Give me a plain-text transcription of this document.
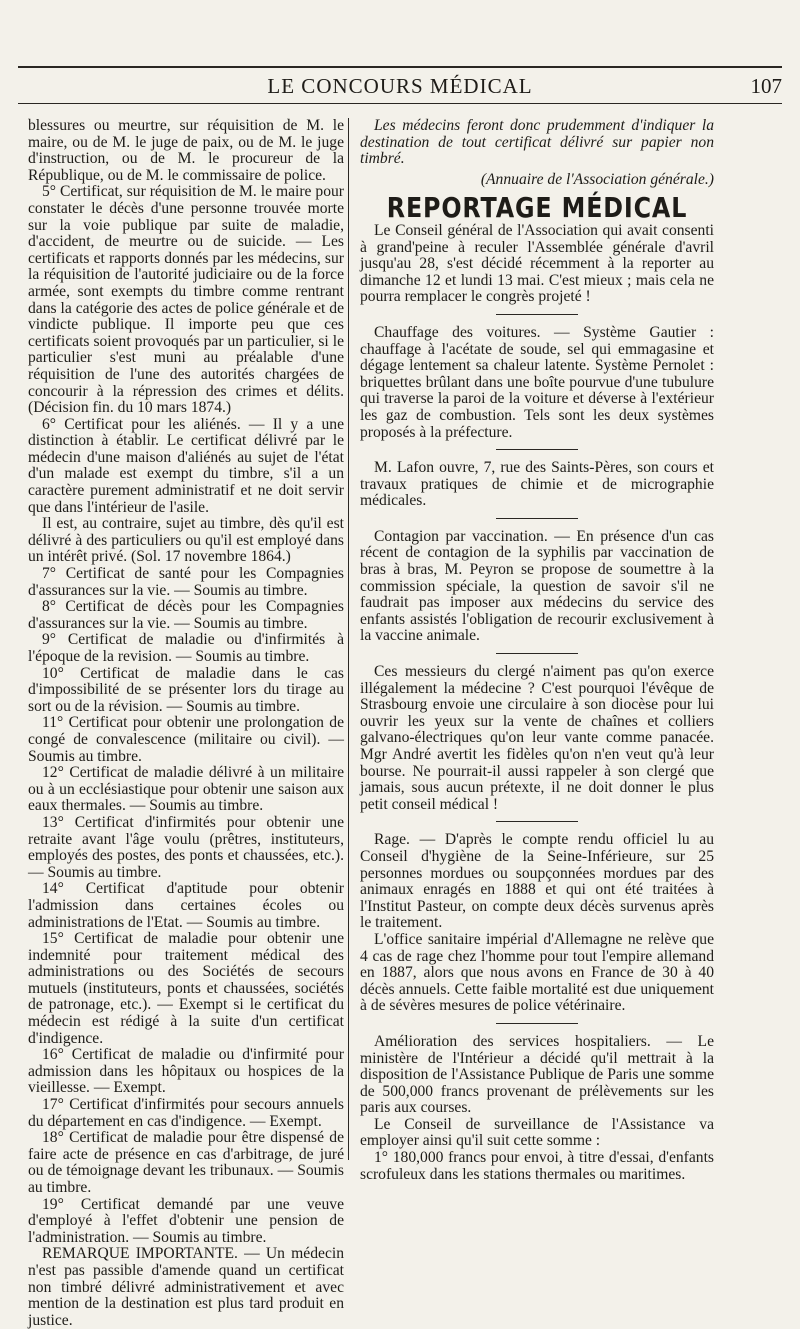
LE CONCOURS MÉDICAL	107

blessures ou meurtre, sur réquisition de M. le maire, ou de M. le juge de paix, ou de M. le juge d'instruction, ou de M. le procureur de la République, ou de M. le commissaire de police.

5° Certificat, sur réquisition de M. le maire pour constater le décès d'une personne trouvée morte sur la voie publique par suite de maladie, d'accident, de meurtre ou de suicide. — Les certificats et rapports donnés par les médecins, sur la réquisition de l'autorité judiciaire ou de la force armée, sont exempts du timbre comme rentrant dans la catégorie des actes de police générale et de vindicte publique. Il importe peu que ces certificats soient provoqués par un particulier, si le particulier s'est muni au préalable d'une réquisition de l'une des autorités chargées de concourir à la répression des crimes et délits. (Décision fin. du 10 mars 1874.)

6° Certificat pour les aliénés. — Il y a une distinction à établir. Le certificat délivré par le médecin d'une maison d'aliénés au sujet de l'état d'un malade est exempt du timbre, s'il a un caractère purement administratif et ne doit servir que dans l'intérieur de l'asile.

Il est, au contraire, sujet au timbre, dès qu'il est délivré à des particuliers ou qu'il est employé dans un intérêt privé. (Sol. 17 novembre 1864.)

7° Certificat de santé pour les Compagnies d'assurances sur la vie. — Soumis au timbre.

8° Certificat de décès pour les Compagnies d'assurances sur la vie. — Soumis au timbre.

9° Certificat de maladie ou d'infirmités à l'époque de la revision. — Soumis au timbre.

10° Certificat de maladie dans le cas d'impossibilité de se présenter lors du tirage au sort ou de la révision. — Soumis au timbre.

11° Certificat pour obtenir une prolongation de congé de convalescence (militaire ou civil). — Soumis au timbre.

12° Certificat de maladie délivré à un militaire ou à un ecclésiastique pour obtenir une saison aux eaux thermales. — Soumis au timbre.

13° Certificat d'infirmités pour obtenir une retraite avant l'âge voulu (prêtres, instituteurs, employés des postes, des ponts et chaussées, etc.). — Soumis au timbre.

14° Certificat d'aptitude pour obtenir l'admission dans certaines écoles ou administrations de l'Etat. — Soumis au timbre.

15° Certificat de maladie pour obtenir une indemnité pour traitement médical des administrations ou des Sociétés de secours mutuels (instituteurs, ponts et chaussées, sociétés de patronage, etc.). — Exempt si le certificat du médecin est rédigé à la suite d'un certificat d'indigence.

16° Certificat de maladie ou d'infirmité pour admission dans les hôpitaux ou hospices de la vieillesse. — Exempt.

17° Certificat d'infirmités pour secours annuels du département en cas d'indigence. — Exempt.

18° Certificat de maladie pour être dispensé de faire acte de présence en cas d'arbitrage, de juré ou de témoignage devant les tribunaux. — Soumis au timbre.

19° Certificat demandé par une veuve d'employé à l'effet d'obtenir une pension de l'administration. — Soumis au timbre.

REMARQUE IMPORTANTE. — Un médecin n'est pas passible d'amende quand un certificat non timbré délivré administrativement et avec mention de la destination est plus tard produit en justice.

Les médecins feront donc prudemment d'indiquer la destination de tout certificat délivré sur papier non timbré.

(Annuaire de l'Association générale.)

REPORTAGE MÉDICAL

Le Conseil général de l'Association qui avait consenti à grand'peine à reculer l'Assemblée générale d'avril jusqu'au 28, s'est décidé récemment à la reporter au dimanche 12 et lundi 13 mai. C'est mieux ; mais cela ne pourra remplacer le congrès projeté !

Chauffage des voitures. — Système Gautier : chauffage à l'acétate de soude, sel qui emmagasine et dégage lentement sa chaleur latente. Système Pernolet : briquettes brûlant dans une boîte pourvue d'une tubulure qui traverse la paroi de la voiture et déverse à l'extérieur les gaz de combustion. Tels sont les deux systèmes proposés à la préfecture.

M. Lafon ouvre, 7, rue des Saints-Pères, son cours et travaux pratiques de chimie et de micrographie médicales.

Contagion par vaccination. — En présence d'un cas récent de contagion de la syphilis par vaccination de bras à bras, M. Peyron se propose de soumettre à la commission spéciale, la question de savoir s'il ne faudrait pas imposer aux médecins du service des enfants assistés l'obligation de recourir exclusivement à la vaccine animale.

Ces messieurs du clergé n'aiment pas qu'on exerce illégalement la médecine ? C'est pourquoi l'évêque de Strasbourg envoie une circulaire à son diocèse pour lui ouvrir les yeux sur la vente de chaînes et colliers galvano-électriques qu'on leur vante comme panacée. Mgr André avertit les fidèles qu'on n'en veut qu'à leur bourse. Ne pourrait-il aussi rappeler à son clergé que jamais, sous aucun prétexte, il ne doit donner le plus petit conseil médical !

Rage. — D'après le compte rendu officiel lu au Conseil d'hygiène de la Seine-Inférieure, sur 25 personnes mordues ou soupçonnées mordues par des animaux enragés en 1888 et qui ont été traitées à l'Institut Pasteur, on compte deux décès survenus après le traitement.

L'office sanitaire impérial d'Allemagne ne relève que 4 cas de rage chez l'homme pour tout l'empire allemand en 1887, alors que nous avons en France de 30 à 40 décès annuels. Cette faible mortalité est due uniquement à de sévères mesures de police vétérinaire.

Amélioration des services hospitaliers. — Le ministère de l'Intérieur a décidé qu'il mettrait à la disposition de l'Assistance Publique de Paris une somme de 500,000 francs provenant de prélèvements sur les paris aux courses.

Le Conseil de surveillance de l'Assistance va employer ainsi qu'il suit cette somme :

1° 180,000 francs pour envoi, à titre d'essai, d'enfants scrofuleux dans les stations thermales ou maritimes.
